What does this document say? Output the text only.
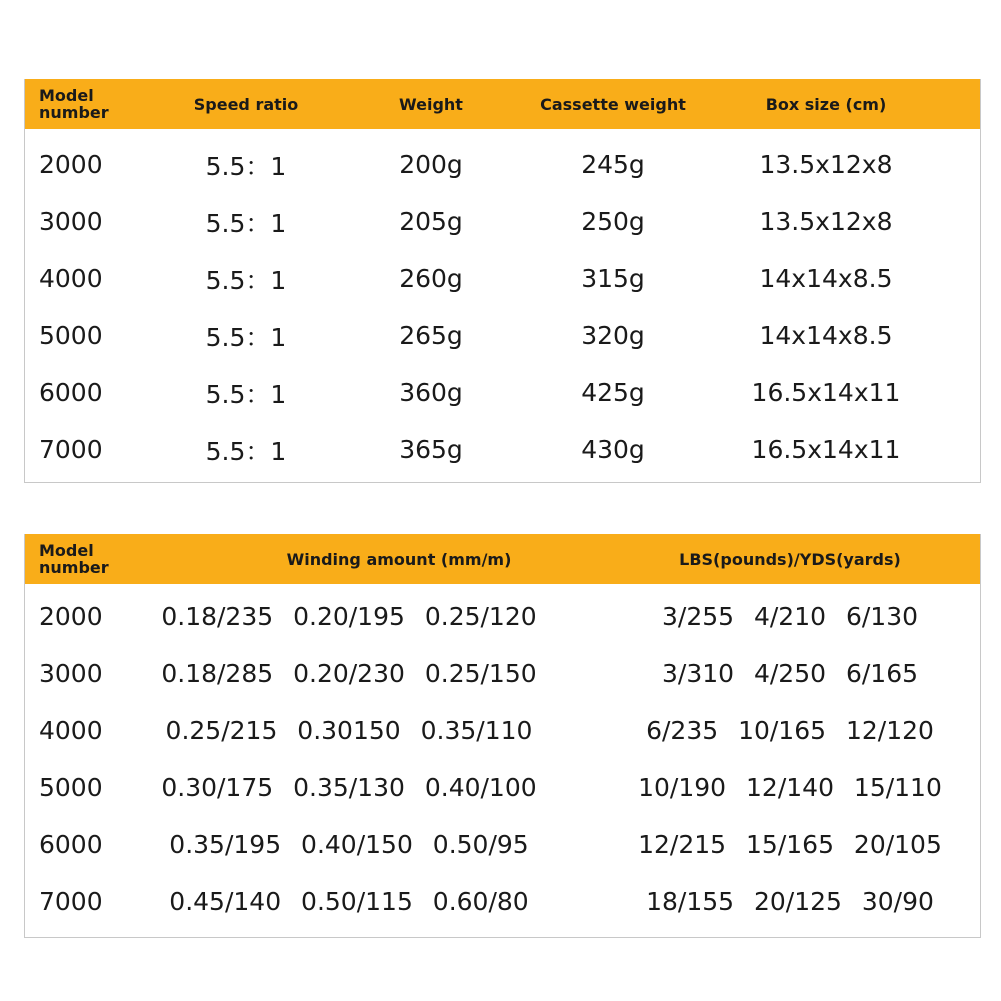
Model number	Speed ratio	Weight	Cassette weight	Box size (cm)
2000	5.5：1	200g	245g	13.5x12x8
3000	5.5：1	205g	250g	13.5x12x8
4000	5.5：1	260g	315g	14x14x8.5
5000	5.5：1	265g	320g	14x14x8.5
6000	5.5：1	360g	425g	16.5x14x11
7000	5.5：1	365g	430g	16.5x14x11
Model number	Winding amount (mm/m)	LBS(pounds)/YDS(yards)
2000	0.18/235 0.20/195 0.25/120	3/255 4/210 6/130
3000	0.18/285 0.20/230 0.25/150	3/310 4/250 6/165
4000	0.25/215 0.30150 0.35/110	6/235 10/165 12/120
5000	0.30/175 0.35/130 0.40/100	10/190 12/140 15/110
6000	0.35/195 0.40/150 0.50/95	12/215 15/165 20/105
7000	0.45/140 0.50/115 0.60/80	18/155 20/125 30/90
